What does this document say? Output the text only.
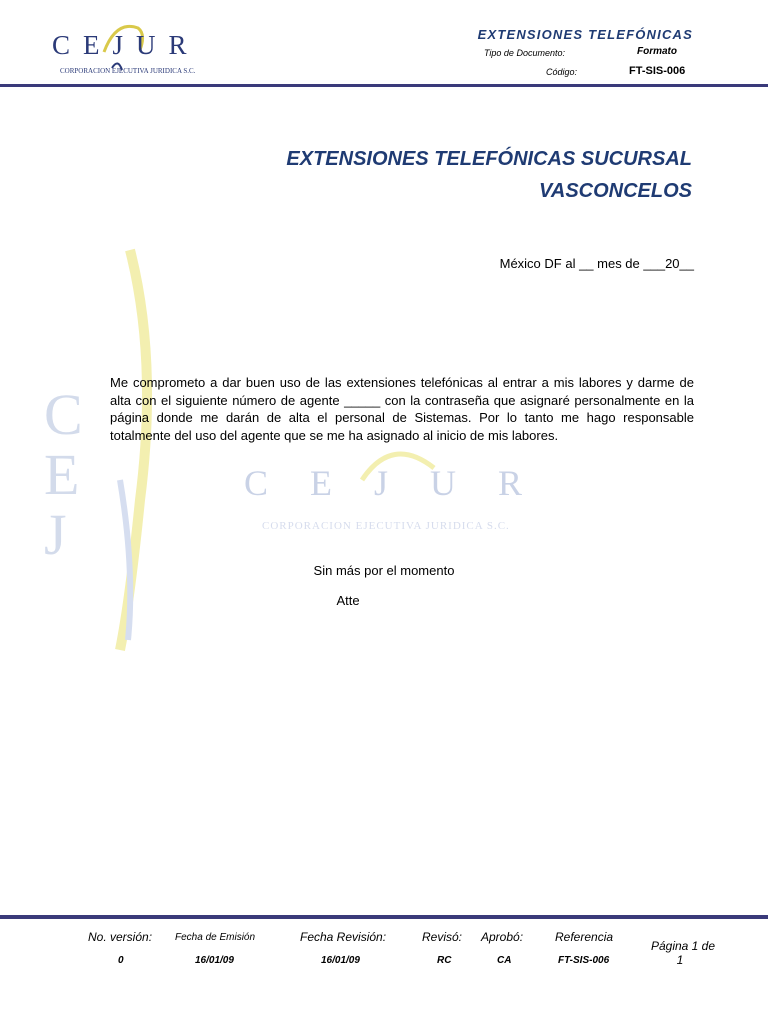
C
E
J
CEJUR
CORPORACION EJECUTIVA JURIDICA S.C.
CEJUR
CORPORACION EJECUTIVA JURIDICA S.C.
EXTENSIONES TELEFÓNICAS
Tipo de Documento:	Formato
Código:	FT-SIS-006
EXTENSIONES TELEFÓNICAS SUCURSAL
VASCONCELOS
México DF al __ mes de ___20__
Me comprometo a dar buen uso de las extensiones telefónicas al entrar a mis labores y darme de alta con el siguiente número de agente _____ con la contraseña que asignaré personalmente en la página donde me darán de alta el personal de Sistemas. Por lo tanto me hago responsable totalmente del uso del agente que se me ha asignado al inicio de mis labores.
Sin más por el momento
Atte
No. versión:
0
Fecha de Emisión
16/01/09
Fecha Revisión:
16/01/09
Revisó:
RC
Aprobó:
CA
Referencia
FT-SIS-006
Página 1 de
1
